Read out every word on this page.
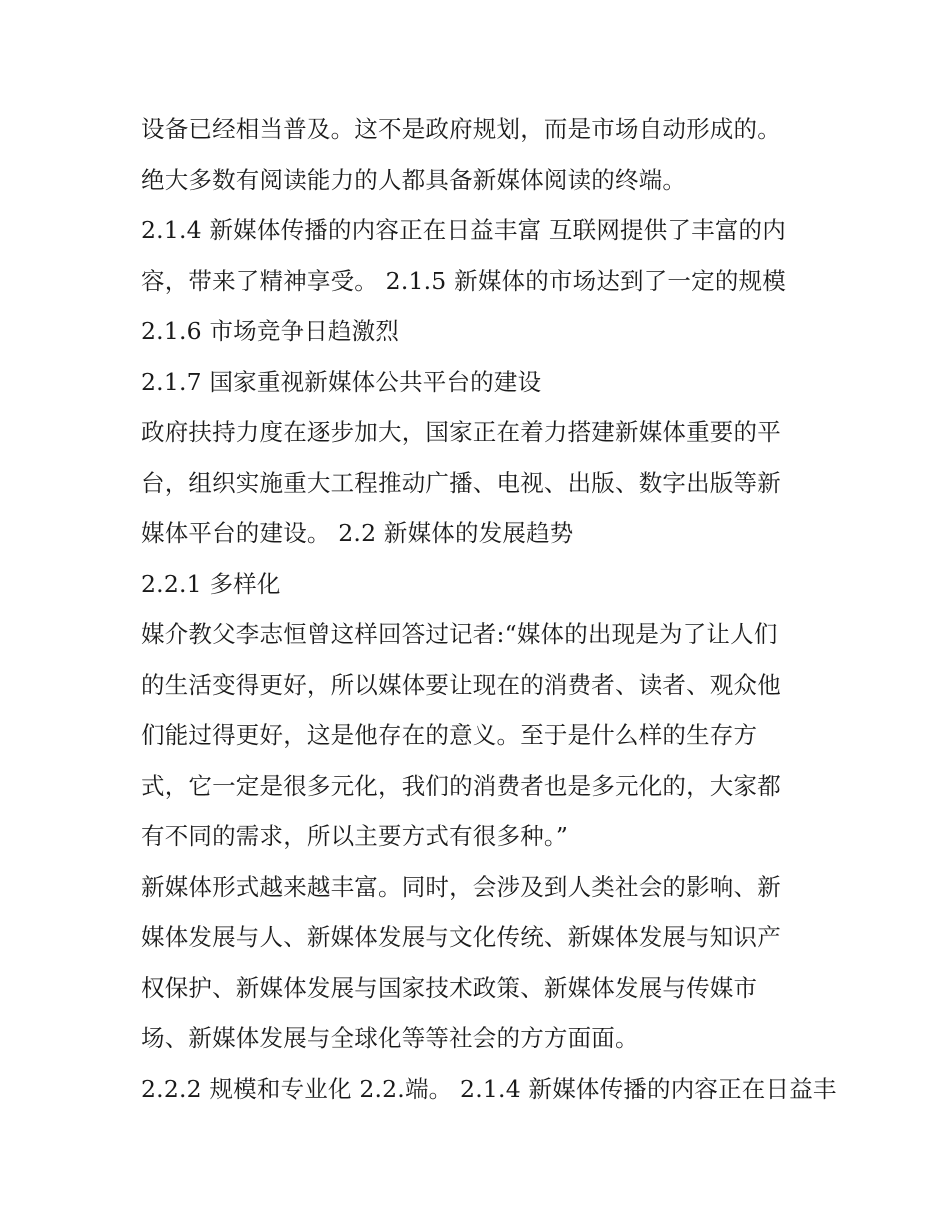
设备已经相当普及。这不是政府规划，而是市场自动形成的。
绝大多数有阅读能力的人都具备新媒体阅读的终端。
2.1.4 新媒体传播的内容正在日益丰富 互联网提供了丰富的内
容，带来了精神享受。 2.1.5 新媒体的市场达到了一定的规模
2.1.6 市场竞争日趋激烈
2.1.7 国家重视新媒体公共平台的建设
政府扶持力度在逐步加大，国家正在着力搭建新媒体重要的平
台，组织实施重大工程推动广播、电视、出版、数字出版等新
媒体平台的建设。 2.2 新媒体的发展趋势
2.2.1 多样化
媒介教父李志恒曾这样回答过记者:“媒体的出现是为了让人们
的生活变得更好，所以媒体要让现在的消费者、读者、观众他
们能过得更好，这是他存在的意义。至于是什么样的生存方
式，它一定是很多元化，我们的消费者也是多元化的，大家都
有不同的需求，所以主要方式有很多种。”
新媒体形式越来越丰富。同时，会涉及到人类社会的影响、新
媒体发展与人、新媒体发展与文化传统、新媒体发展与知识产
权保护、新媒体发展与国家技术政策、新媒体发展与传媒市
场、新媒体发展与全球化等等社会的方方面面。
2.2.2 规模和专业化 2.2.端。 2.1.4 新媒体传播的内容正在日益丰
